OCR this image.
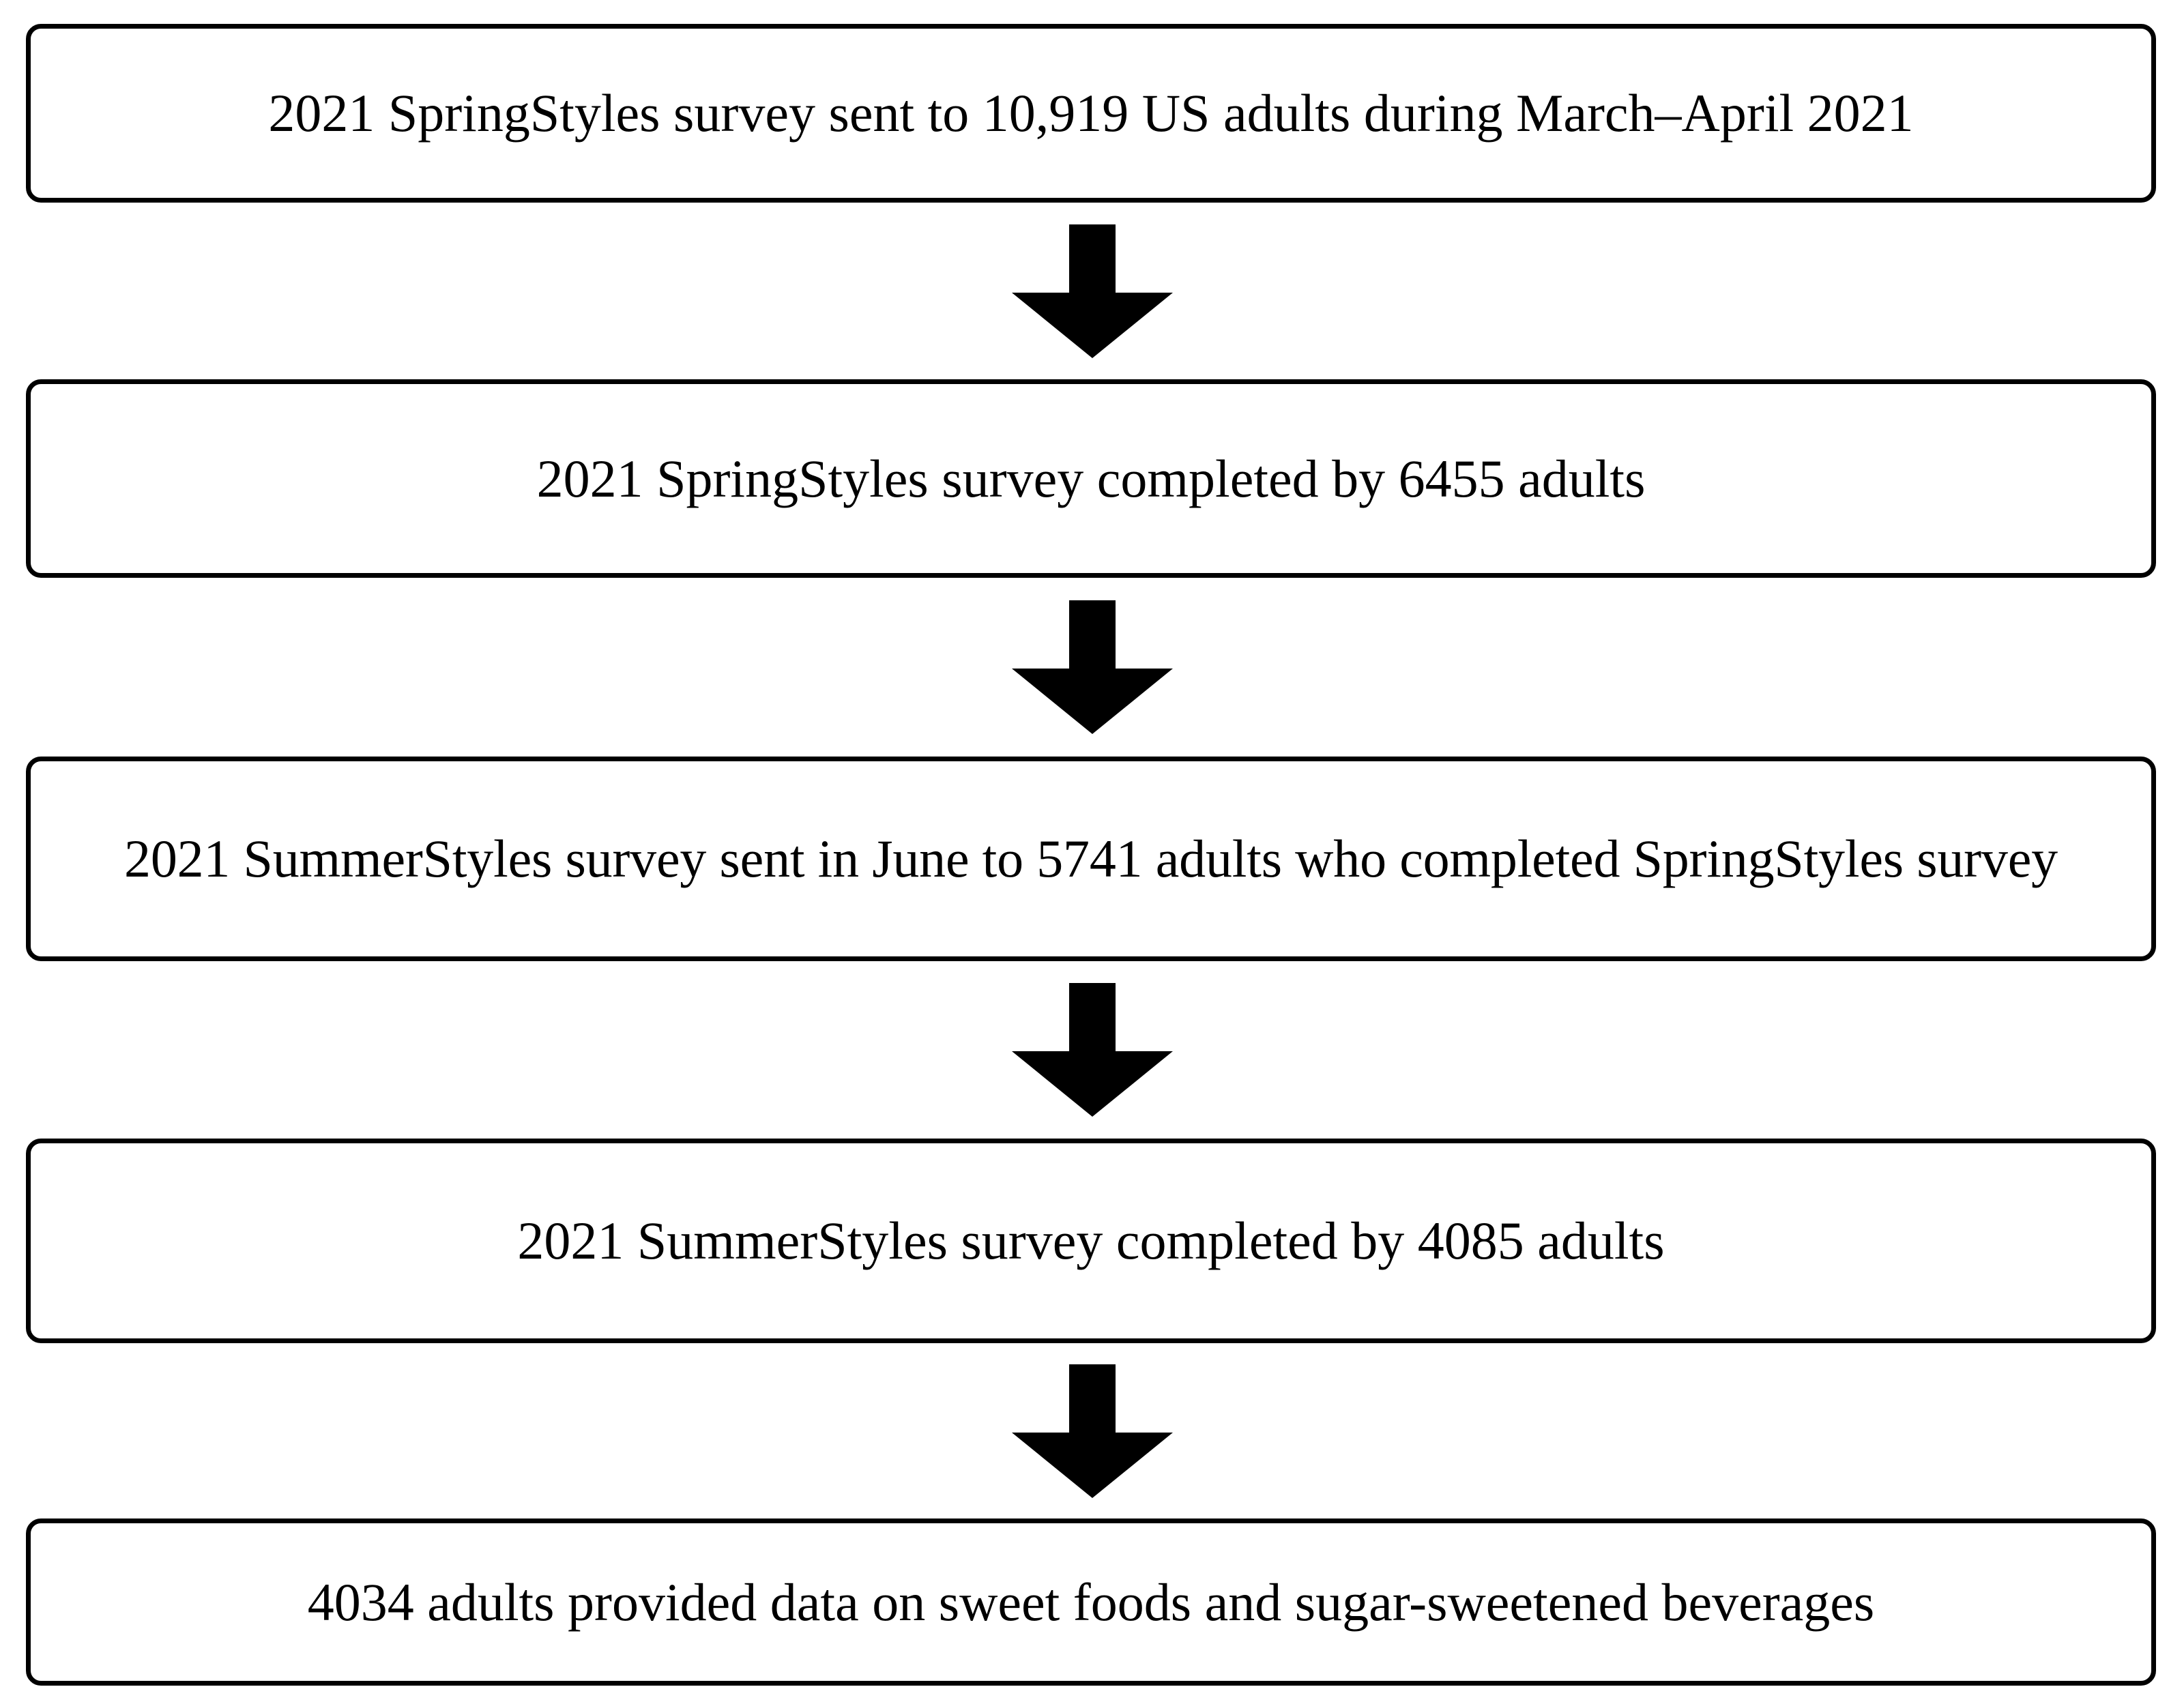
2021 SpringStyles survey sent to 10,919 US adults during March–April 2021
2021 SpringStyles survey completed by 6455 adults
2021 SummerStyles survey sent in June to 5741 adults who completed SpringStyles survey
2021 SummerStyles survey completed by 4085 adults
4034 adults provided data on sweet foods and sugar-sweetened beverages
